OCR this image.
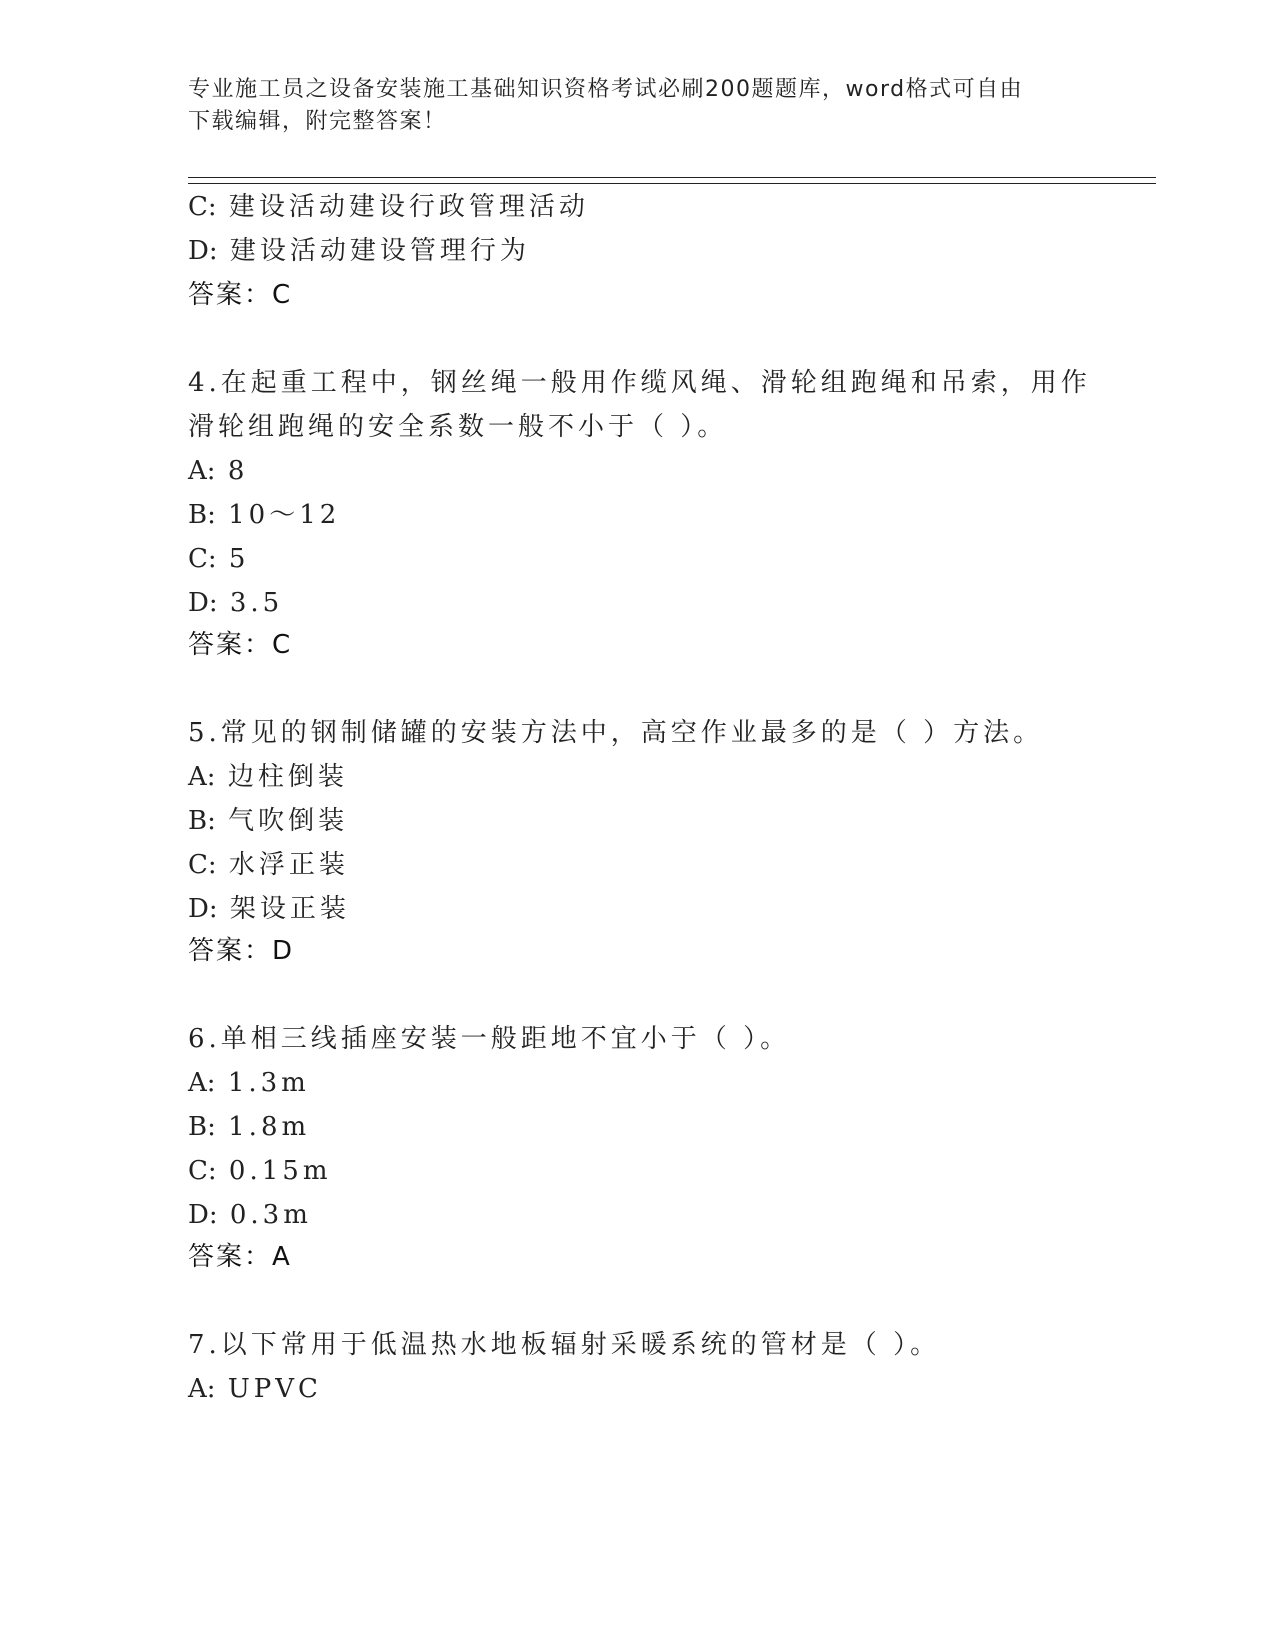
专业施工员之设备安装施工基础知识资格考试必刷200题题库，word格式可自由
下载编辑，附完整答案！
C: 建设活动建设行政管理活动
D: 建设活动建设管理行为
答案：C
4.在起重工程中，钢丝绳一般用作缆风绳、滑轮组跑绳和吊索，用作
滑轮组跑绳的安全系数一般不小于（ ）。
A: 8
B: 10～12
C: 5
D: 3.5
答案：C
5.常见的钢制储罐的安装方法中，高空作业最多的是（ ）方法。
A: 边柱倒装
B: 气吹倒装
C: 水浮正装
D: 架设正装
答案：D
6.单相三线插座安装一般距地不宜小于（ ）。
A: 1.3m
B: 1.8m
C: 0.15m
D: 0.3m
答案：A
7.以下常用于低温热水地板辐射采暖系统的管材是（ ）。
A: UPVC
